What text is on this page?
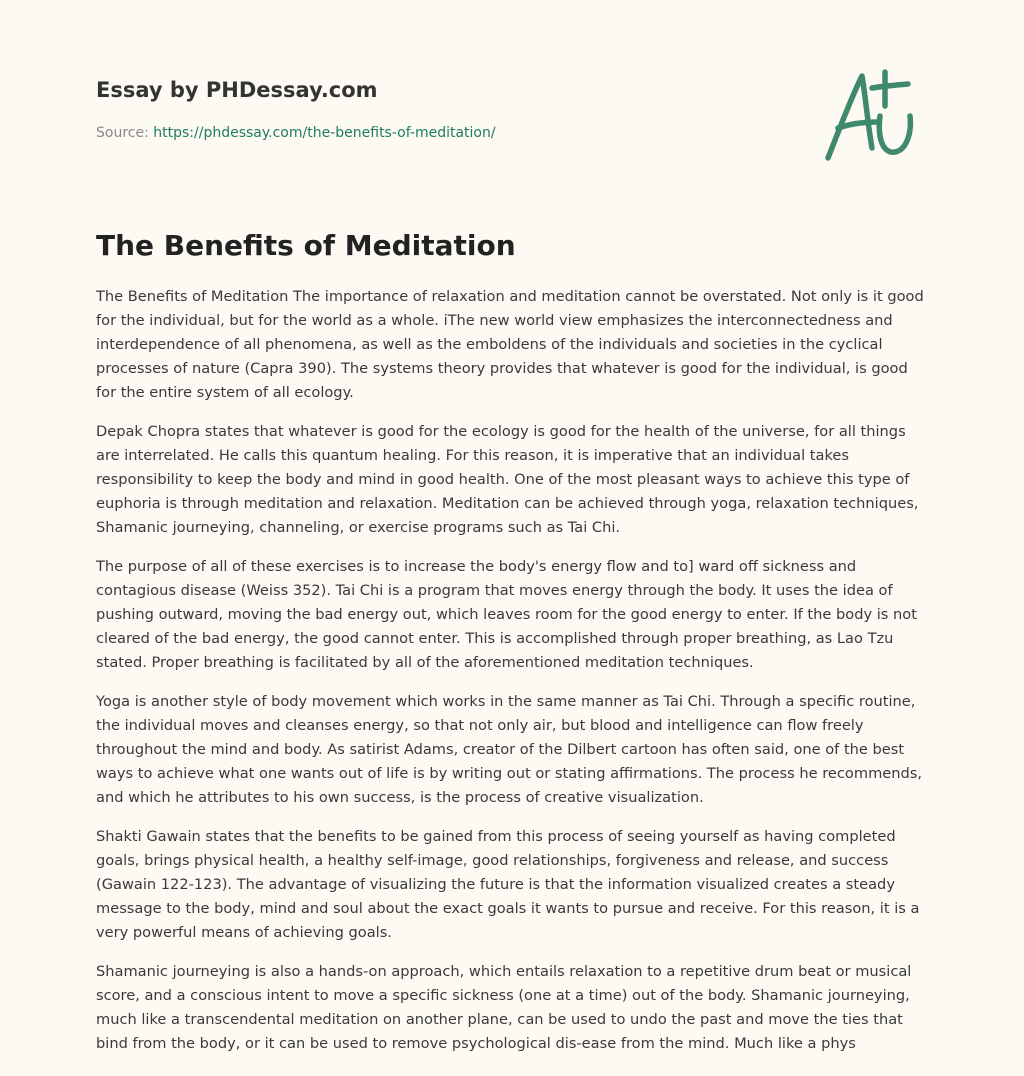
Essay by PHDessay.com

Source: https://phdessay.com/the-benefits-of-meditation/

The Benefits of Meditation

The Benefits of Meditation The importance of relaxation and meditation cannot be overstated. Not only is it good for the individual, but for the world as a whole. iThe new world view emphasizes the interconnectedness and interdependence of all phenomena, as well as the emboldens of the individuals and societies in the cyclical processes of nature (Capra 390). The systems theory provides that whatever is good for the individual, is good for the entire system of all ecology.

Depak Chopra states that whatever is good for the ecology is good for the health of the universe, for all things are interrelated. He calls this quantum healing. For this reason, it is imperative that an individual takes responsibility to keep the body and mind in good health. One of the most pleasant ways to achieve this type of euphoria is through meditation and relaxation. Meditation can be achieved through yoga, relaxation techniques, Shamanic journeying, channeling, or exercise programs such as Tai Chi.

The purpose of all of these exercises is to increase the body's energy flow and to] ward off sickness and contagious disease (Weiss 352). Tai Chi is a program that moves energy through the body. It uses the idea of pushing outward, moving the bad energy out, which leaves room for the good energy to enter. If the body is not cleared of the bad energy, the good cannot enter. This is accomplished through proper breathing, as Lao Tzu stated. Proper breathing is facilitated by all of the aforementioned meditation techniques.

Yoga is another style of body movement which works in the same manner as Tai Chi. Through a specific routine, the individual moves and cleanses energy, so that not only air, but blood and intelligence can flow freely throughout the mind and body. As satirist Adams, creator of the Dilbert cartoon has often said, one of the best ways to achieve what one wants out of life is by writing out or stating affirmations. The process he recommends, and which he attributes to his own success, is the process of creative visualization.

Shakti Gawain states that the benefits to be gained from this process of seeing yourself as having completed goals, brings physical health, a healthy self-image, good relationships, forgiveness and release, and success (Gawain 122-123). The advantage of visualizing the future is that the information visualized creates a steady message to the body, mind and soul about the exact goals it wants to pursue and receive. For this reason, it is a very powerful means of achieving goals.

Shamanic journeying is also a hands-on approach, which entails relaxation to a repetitive drum beat or musical score, and a conscious intent to move a specific sickness (one at a time) out of the body. Shamanic journeying, much like a transcendental meditation on another plane, can be used to undo the past and move the ties that bind from the body, or it can be used to remove psychological dis-ease from the mind. Much like a phys
